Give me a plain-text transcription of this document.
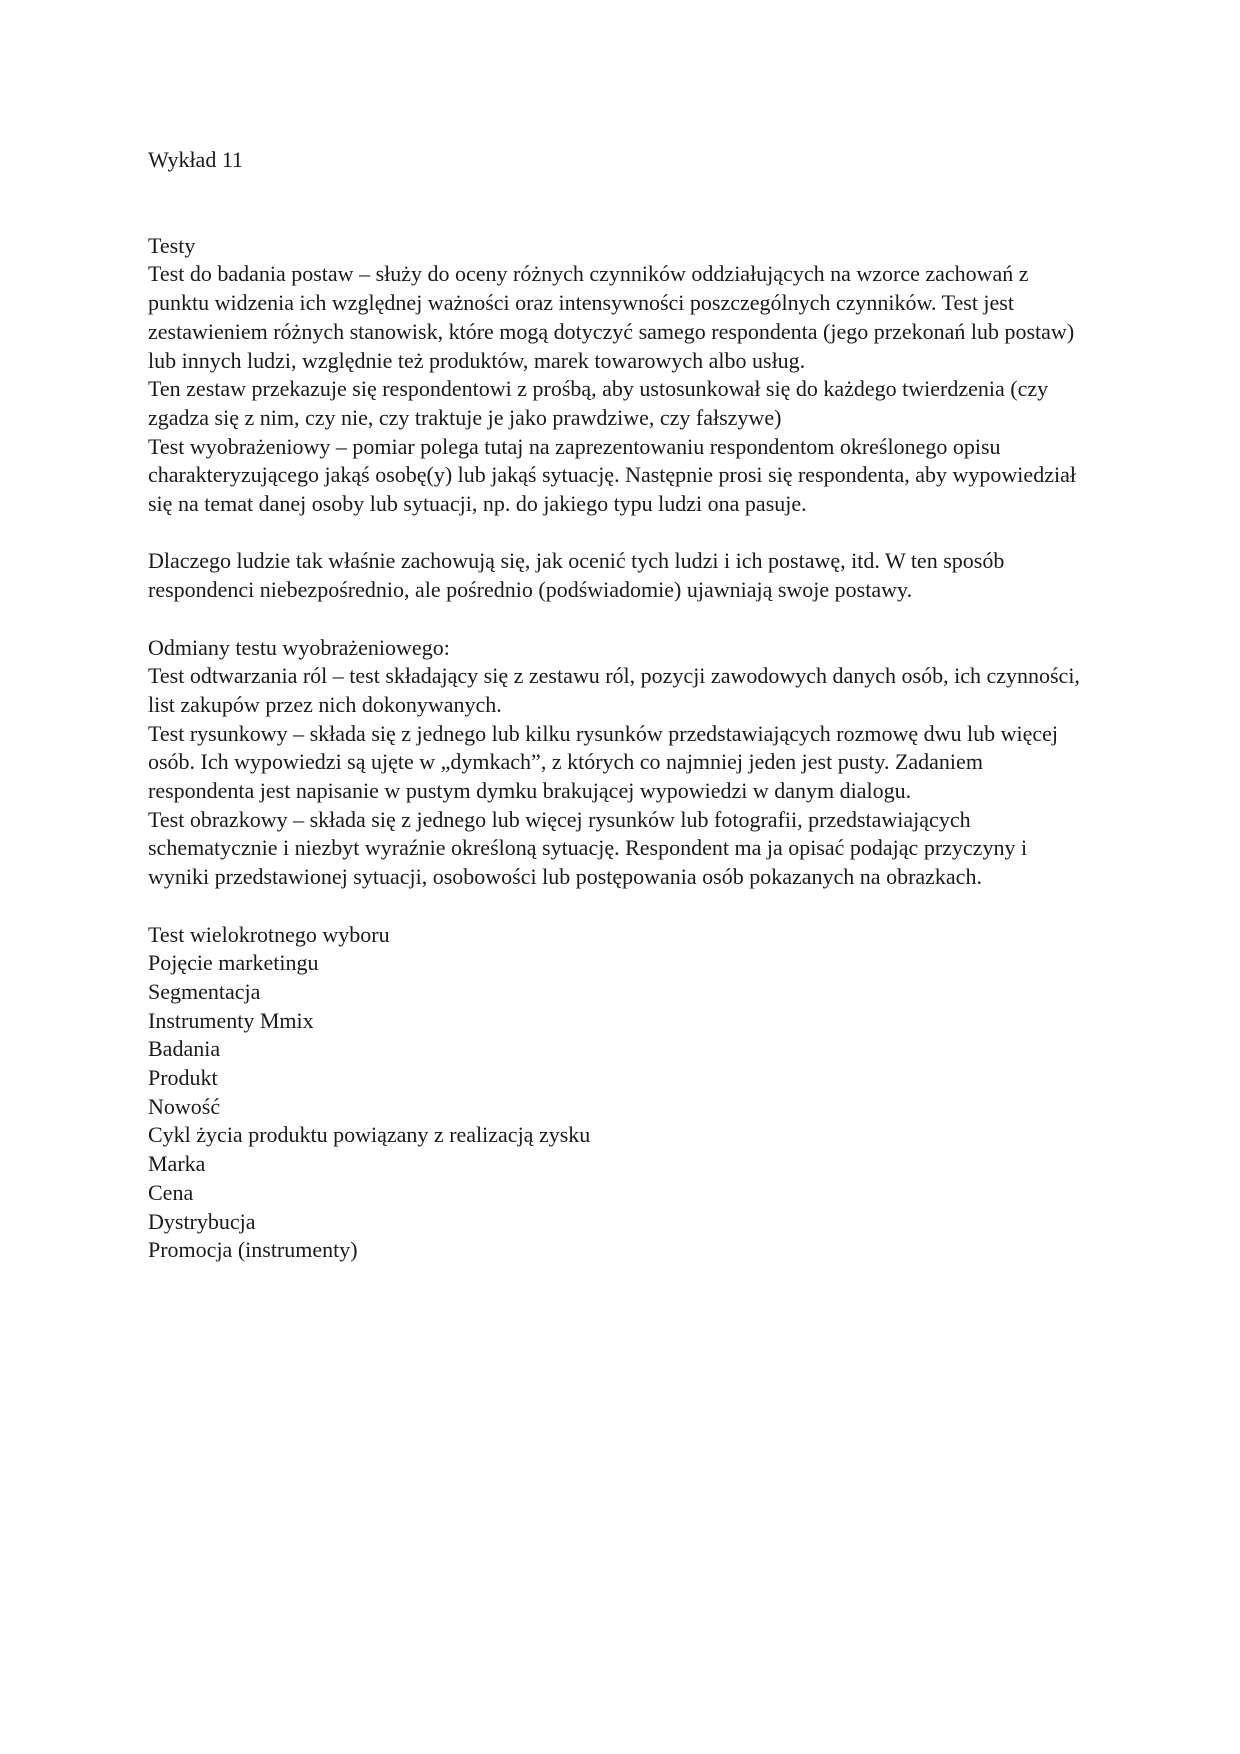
Wykład 11

Testy

Test do badania postaw – służy do oceny różnych czynników oddziałujących na wzorce zachowań z punktu widzenia ich względnej ważności oraz intensywności poszczególnych czynników. Test jest zestawieniem różnych stanowisk, które mogą dotyczyć samego respondenta (jego przekonań lub postaw) lub innych ludzi, względnie też produktów, marek towarowych albo usług.

Ten zestaw przekazuje się respondentowi z prośbą, aby ustosunkował się do każdego twierdzenia (czy zgadza się z nim, czy nie, czy traktuje je jako prawdziwe, czy fałszywe)

Test wyobrażeniowy – pomiar polega tutaj na zaprezentowaniu respondentom określonego opisu charakteryzującego jakąś osobę(y) lub jakąś sytuację. Następnie prosi się respondenta, aby wypowiedział się na temat danej osoby lub sytuacji, np. do jakiego typu ludzi ona pasuje.

Dlaczego ludzie tak właśnie zachowują się, jak ocenić tych ludzi i ich postawę, itd. W ten sposób respondenci niebezpośrednio, ale pośrednio (podświadomie) ujawniają swoje postawy.

Odmiany testu wyobrażeniowego:

Test odtwarzania ról – test składający się z zestawu ról, pozycji zawodowych danych osób, ich czynności, list zakupów przez nich dokonywanych.

Test rysunkowy – składa się z jednego lub kilku rysunków przedstawiających rozmowę dwu lub więcej osób. Ich wypowiedzi są ujęte w „dymkach”, z których co najmniej jeden jest pusty. Zadaniem respondenta jest napisanie w pustym dymku brakującej wypowiedzi w danym dialogu.

Test obrazkowy – składa się z jednego lub więcej rysunków lub fotografii, przedstawiających schematycznie i niezbyt wyraźnie określoną sytuację. Respondent ma ja opisać podając przyczyny i wyniki przedstawionej sytuacji, osobowości lub postępowania osób pokazanych na obrazkach.

Test wielokrotnego wyboru
Pojęcie marketingu
Segmentacja
Instrumenty Mmix
Badania
Produkt
Nowość
Cykl życia produktu powiązany z realizacją zysku
Marka
Cena
Dystrybucja
Promocja (instrumenty)
